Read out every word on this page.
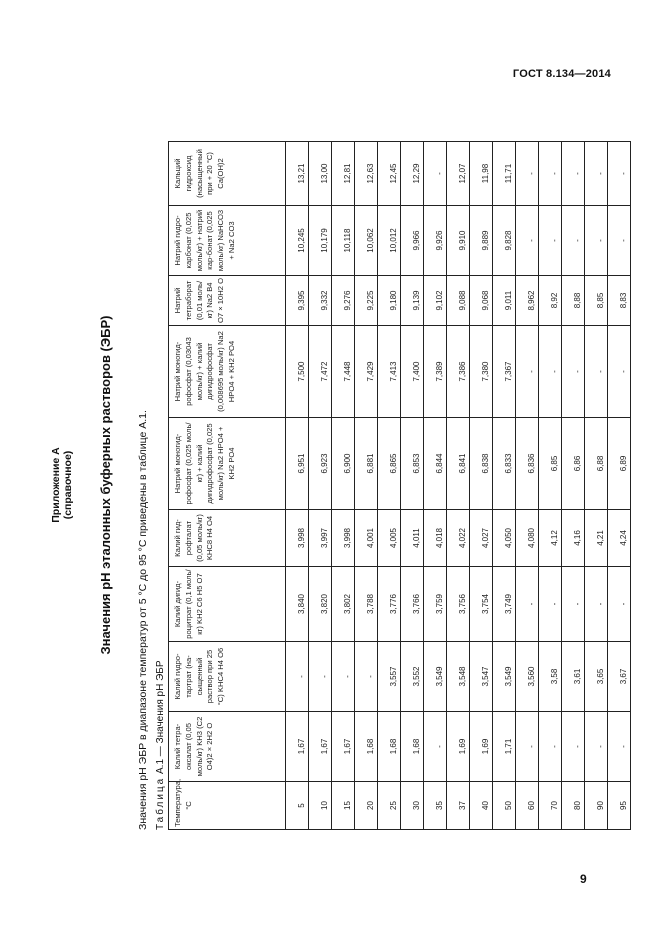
ГОСТ 8.134—2014
Приложение А (справочное) Значения рН эталонных буферных растворов (ЭБР) Значения рН ЭБР в диапазоне температур от 5 °С до 95 °С приведены в таблице А.1. Таблица А.1 — Значения рН ЭБР
Температура, °С	Калий тетра-оксалат (0,05 моль/кг) KH3 (C2 O4)2 × 2H2 O	Калий гидро-тартрат (на-сыщенный раствор при 25 °С) KHC4 H4 O6	Калий дигид-роцитрат (0,1 моль/кг) KH2 C6 H5 O7	Калий гид-рофталат (0,05 моль/кг) KHC8 H4 O4	Натрий моногид-рофосфат (0,025 моль/кг) + калий дигидрофосфат (0,025 моль/кг) Na2 HPO4 + KH2 PO4	Натрий моногид-рофосфат (0,03043 моль/кг) + калий дигидрофосфат (0,008695 моль/кг) Na2 HPO4 + KH2 PO4	Натрий тетраборат (0,01 моль/кг) Na2 B4 O7 × 10H2 O	Натрий гидро-карбонат (0,025 моль/кг) + натрий кар-бонат (0,025 моль/кг) NaHCO3 + Na2 CO3	Кальций гидроксид (насыщенный при + 20 °С) Ca(OH)2
5	1,67	-	3,840	3,998	6,951	7,500	9,395	10,245	13,21
10	1,67	-	3,820	3,997	6,923	7,472	9,332	10,179	13,00
15	1,67	-	3,802	3,998	6,900	7,448	9,276	10,118	12,81
20	1,68	-	3,788	4,001	6,881	7,429	9,225	10,062	12,63
25	1,68	3,557	3,776	4,005	6,865	7,413	9,180	10,012	12,45
30	1,68	3,552	3,766	4,011	6,853	7,400	9,139	9,966	12,29
35	-	3,549	3,759	4,018	6,844	7,389	9,102	9,926	-
37	1,69	3,548	3,756	4,022	6,841	7,386	9,088	9,910	12,07
40	1,69	3,547	3,754	4,027	6,838	7,380	9,068	9,889	11,98
50	1,71	3,549	3,749	4,050	6,833	7,367	9,011	9,828	11,71
60	-	3,560	-	4,080	6,836	-	8,962	-	-
70	-	3,58	-	4,12	6,85	-	8,92	-	-
80	-	3,61	-	4,16	6,86	-	8,88	-	-
90	-	3,65	-	4,21	6,88	-	8,85	-	-
95	-	3,67	-	4,24	6,89	-	8,83	-	-
9
